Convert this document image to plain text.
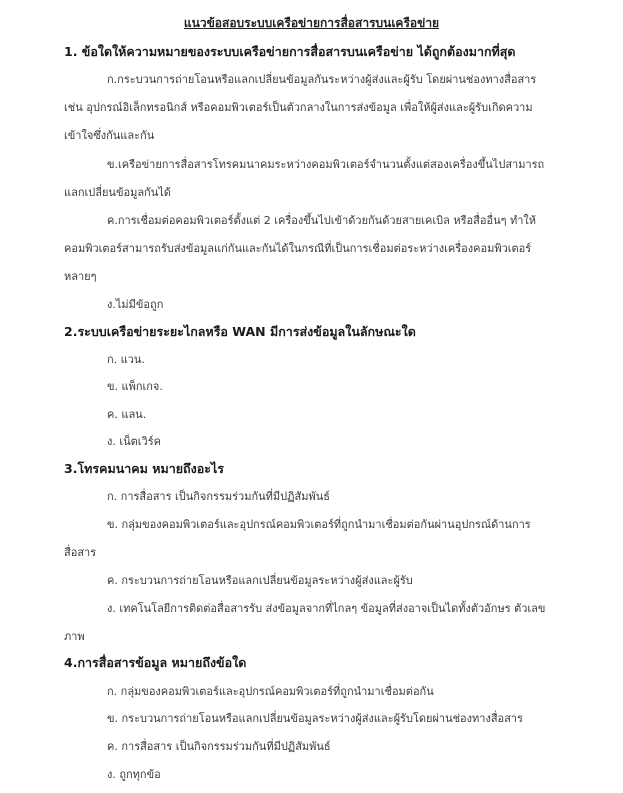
แนวข้อสอบระบบเครือข่ายการสื่อสารบนเครือข่าย
1. ข้อใดให้ความหมายของระบบเครือข่ายการสื่อสารบนเครือข่าย ได้ถูกต้องมากที่สุด
ก.กระบวนการถ่ายโอนหรือแลกเปลี่ยนข้อมูลกันระหว่างผู้ส่งและผู้รับ โดยผ่านช่องทางสื่อสาร
เช่น อุปกรณ์อิเล็กทรอนิกส์ หรือคอมพิวเตอร์เป็นตัวกลางในการส่งข้อมูล เพื่อให้ผู้ส่งและผู้รับเกิดความ
เข้าใจซึ่งกันและกัน
ข.เครือข่ายการสื่อสารโทรคมนาคมระหว่างคอมพิวเตอร์จำนวนตั้งแต่สองเครื่องขึ้นไปสามารถ
แลกเปลี่ยนข้อมูลกันได้
ค.การเชื่อมต่อคอมพิวเตอร์ตั้งแต่ 2 เครื่องขึ้นไปเข้าด้วยกันด้วยสายเคเบิล หรือสื่ออื่นๆ ทำให้
คอมพิวเตอร์สามารถรับส่งข้อมูลแก่กันและกันได้ในกรณีที่เป็นการเชื่อมต่อระหว่างเครื่องคอมพิวเตอร์
หลายๆ
ง.ไม่มีข้อถูก
2.ระบบเครือข่ายระยะไกลหรือ WAN มีการส่งข้อมูลในลักษณะใด
ก. แวน.
ข. แพ็กเกจ.
ค. แลน.
ง. เน็ตเวิร์ค
3.โทรคมนาคม หมายถึงอะไร
ก. การสื่อสาร เป็นกิจกรรมร่วมกันที่มีปฏิสัมพันธ์
ข. กลุ่มของคอมพิวเตอร์และอุปกรณ์คอมพิวเตอร์ที่ถูกนำมาเชื่อมต่อกันผ่านอุปกรณ์ด้านการ
สื่อสาร
ค. กระบวนการถ่ายโอนหรือแลกเปลี่ยนข้อมูลระหว่างผู้ส่งและผู้รับ
ง. เทคโนโลยีการติดต่อสื่อสารรับ ส่งข้อมูลจากที่ไกลๆ ข้อมูลที่ส่งอาจเป็นไดทั้งตัวอักษร ตัวเลข
ภาพ
4.การสื่อสารข้อมูล หมายถึงข้อใด
ก. กลุ่มของคอมพิวเตอร์และอุปกรณ์คอมพิวเตอร์ที่ถูกนำมาเชื่อมต่อกัน
ข. กระบวนการถ่ายโอนหรือแลกเปลี่ยนข้อมูลระหว่างผู้ส่งและผู้รับโดยผ่านช่องทางสื่อสาร
ค. การสื่อสาร เป็นกิจกรรมร่วมกันที่มีปฏิสัมพันธ์
ง. ถูกทุกข้อ
